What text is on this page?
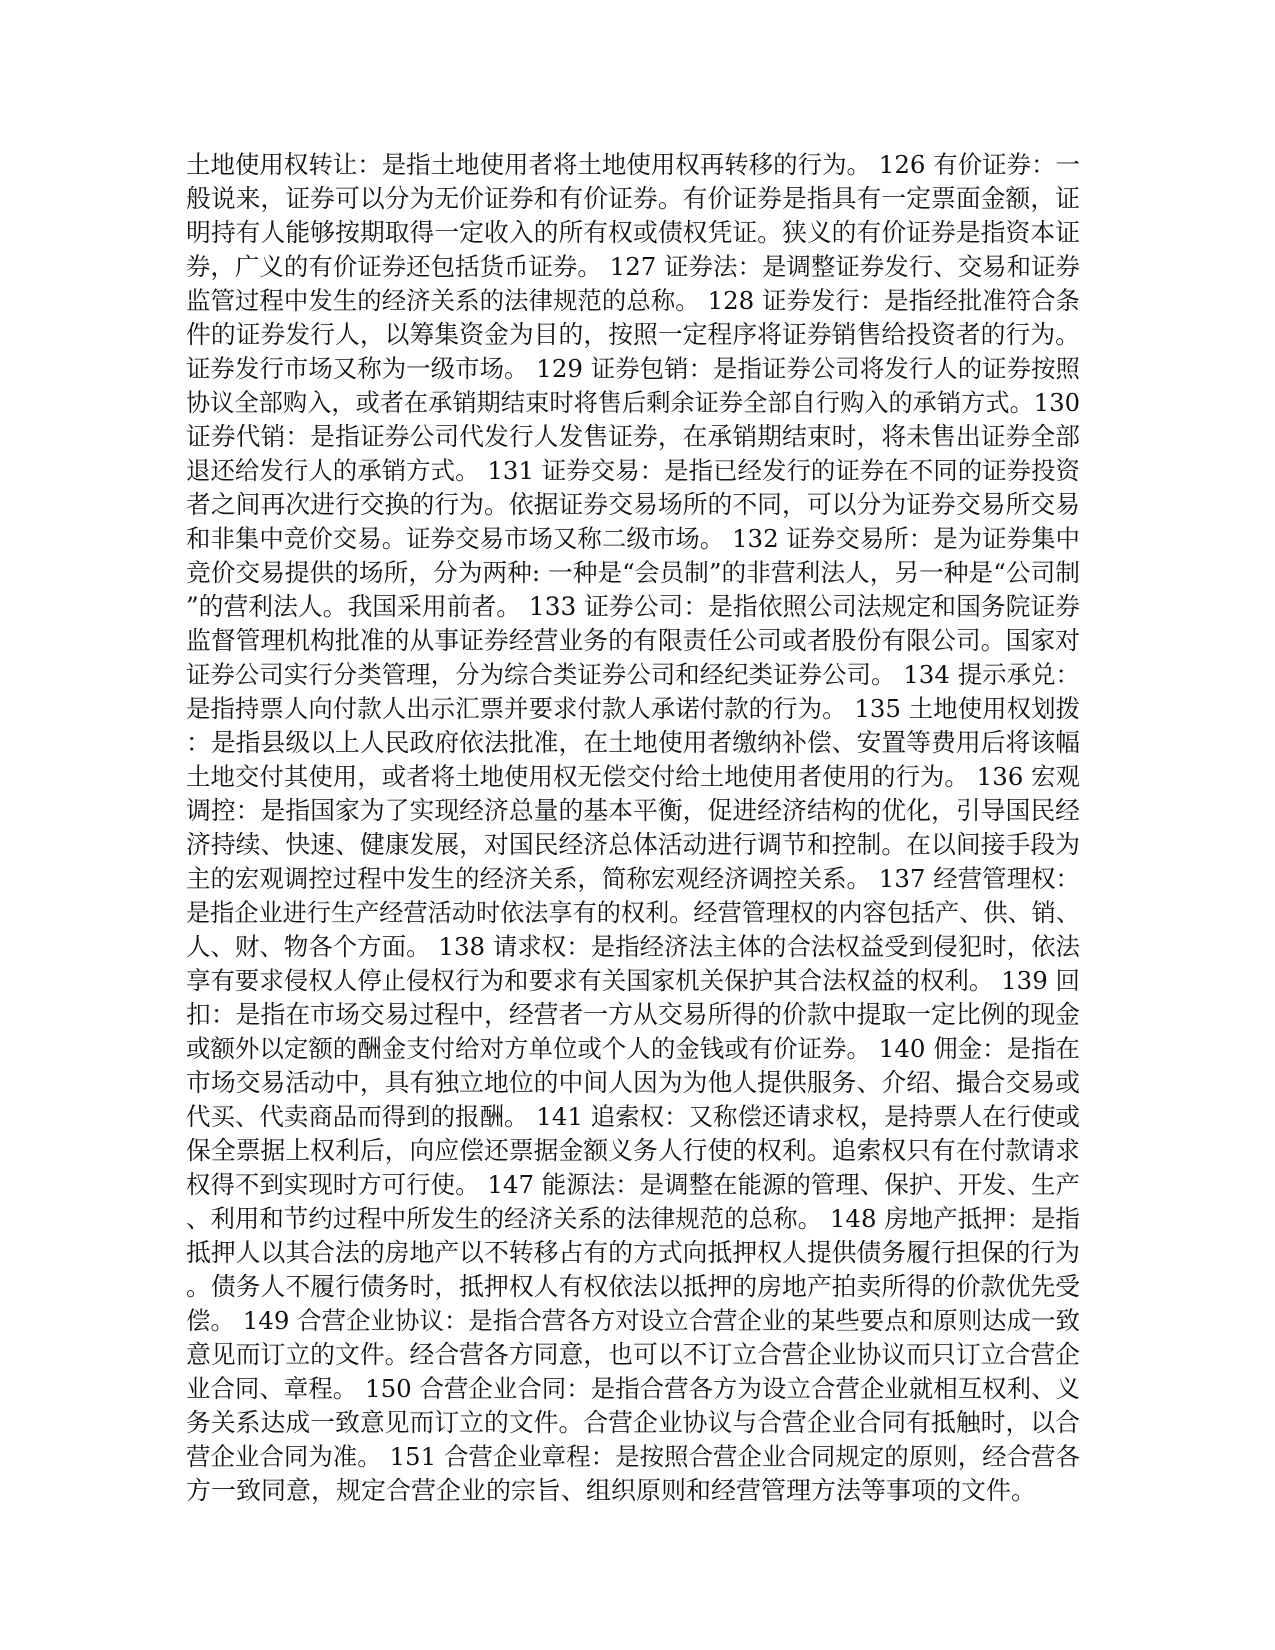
土地使用权转让：是指土地使用者将土地使用权再转移的行为。 126 有价证券：一
般说来，证券可以分为无价证券和有价证券。有价证券是指具有一定票面金额，证
明持有人能够按期取得一定收入的所有权或债权凭证。狭义的有价证券是指资本证
券，广义的有价证券还包括货币证券。 127 证券法：是调整证券发行、交易和证券
监管过程中发生的经济关系的法律规范的总称。 128 证券发行：是指经批准符合条
件的证券发行人，以筹集资金为目的，按照一定程序将证券销售给投资者的行为。
证券发行市场又称为一级市场。 129 证券包销：是指证券公司将发行人的证券按照
协议全部购入，或者在承销期结束时将售后剩余证券全部自行购入的承销方式。130
证券代销：是指证券公司代发行人发售证券，在承销期结束时，将未售出证券全部
退还给发行人的承销方式。 131 证券交易：是指已经发行的证券在不同的证券投资
者之间再次进行交换的行为。依据证券交易场所的不同，可以分为证券交易所交易
和非集中竞价交易。证券交易市场又称二级市场。 132 证券交易所：是为证券集中
竞价交易提供的场所，分为两种: 一种是“会员制”的非营利法人，另一种是“公司制
”的营利法人。我国采用前者。 133 证券公司：是指依照公司法规定和国务院证券
监督管理机构批准的从事证券经营业务的有限责任公司或者股份有限公司。国家对
证券公司实行分类管理，分为综合类证券公司和经纪类证券公司。 134 提示承兑：
是指持票人向付款人出示汇票并要求付款人承诺付款的行为。 135 土地使用权划拨
：是指县级以上人民政府依法批准，在土地使用者缴纳补偿、安置等费用后将该幅
土地交付其使用，或者将土地使用权无偿交付给土地使用者使用的行为。 136 宏观
调控：是指国家为了实现经济总量的基本平衡，促进经济结构的优化，引导国民经
济持续、快速、健康发展，对国民经济总体活动进行调节和控制。在以间接手段为
主的宏观调控过程中发生的经济关系，简称宏观经济调控关系。 137 经营管理权：
是指企业进行生产经营活动时依法享有的权利。经营管理权的内容包括产、供、销、
人、财、物各个方面。 138 请求权：是指经济法主体的合法权益受到侵犯时，依法
享有要求侵权人停止侵权行为和要求有关国家机关保护其合法权益的权利。 139 回
扣：是指在市场交易过程中，经营者一方从交易所得的价款中提取一定比例的现金
或额外以定额的酬金支付给对方单位或个人的金钱或有价证券。 140 佣金：是指在
市场交易活动中，具有独立地位的中间人因为为他人提供服务、介绍、撮合交易或
代买、代卖商品而得到的报酬。 141 追索权：又称偿还请求权，是持票人在行使或
保全票据上权利后，向应偿还票据金额义务人行使的权利。追索权只有在付款请求
权得不到实现时方可行使。 147 能源法：是调整在能源的管理、保护、开发、生产
、利用和节约过程中所发生的经济关系的法律规范的总称。 148 房地产抵押：是指
抵押人以其合法的房地产以不转移占有的方式向抵押权人提供债务履行担保的行为
。债务人不履行债务时，抵押权人有权依法以抵押的房地产拍卖所得的价款优先受
偿。 149 合营企业协议：是指合营各方对设立合营企业的某些要点和原则达成一致
意见而订立的文件。经合营各方同意，也可以不订立合营企业协议而只订立合营企
业合同、章程。 150 合营企业合同：是指合营各方为设立合营企业就相互权利、义
务关系达成一致意见而订立的文件。合营企业协议与合营企业合同有抵触时，以合
营企业合同为准。 151 合营企业章程：是按照合营企业合同规定的原则，经合营各
方一致同意，规定合营企业的宗旨、组织原则和经营管理方法等事项的文件。
